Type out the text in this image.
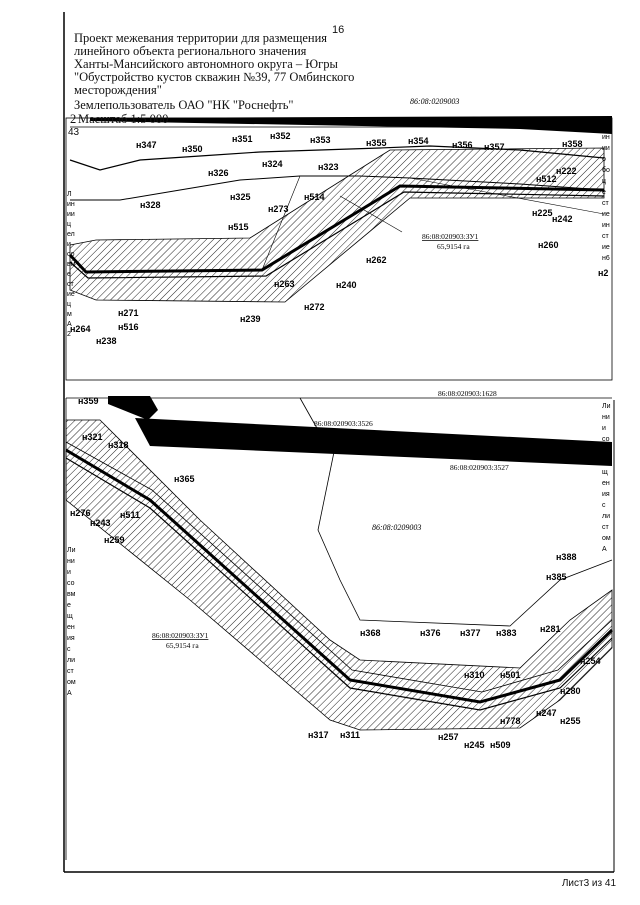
86:08:0209003
86:08:020903:1628
86:08:020903:ЗУ1
65,9154 га
н2
н347	н350
н351 н352 н353	н355 н354	н356 н357	н358
н326
н324	н323
н328
н325	н514
н273
н515
н262
н240
н272
н263
н239
н271
н516
н264
н238
н260
н512
н242
н225
н222
Л
ин
ии
ц
ел
и
со
вм
е
ст
ие
ц
м
А
2
Л
ин
ии
о
бо
ц
е
ст
ие
ин
ст
ие
н6
86:08:020903:1628
86:08:020903:3526
86:08:020903:3527
86:08:0209003
86:08:020903:ЗУ1
65,9154 га
н359
н321
н318
н365
н276
н243
н511
н259
н388
н385
н368	н376 н377 н383	н281
н254
н310 н501
н280
н247
н255
н778
н317 н311	н257
н245 н509
Ли
ни
и
со
вм
е
щ
ен
ия
с
ли
ст
ом
А
Ли
ни
и
со
вм
е
щ
ен
ия
с
ли
ст
ом
А
16
Проект межевания территории для размещения
линейного объекта регионального значения
Ханты-Мансийского автономного округа – Югры
"Обустройство кустов скважин №39, 77 Омбинского
месторождения"
Землепользователь ОАО "НК "Роснефть"
2 Масштаб 1:5 000
43
Лист3 из 41
